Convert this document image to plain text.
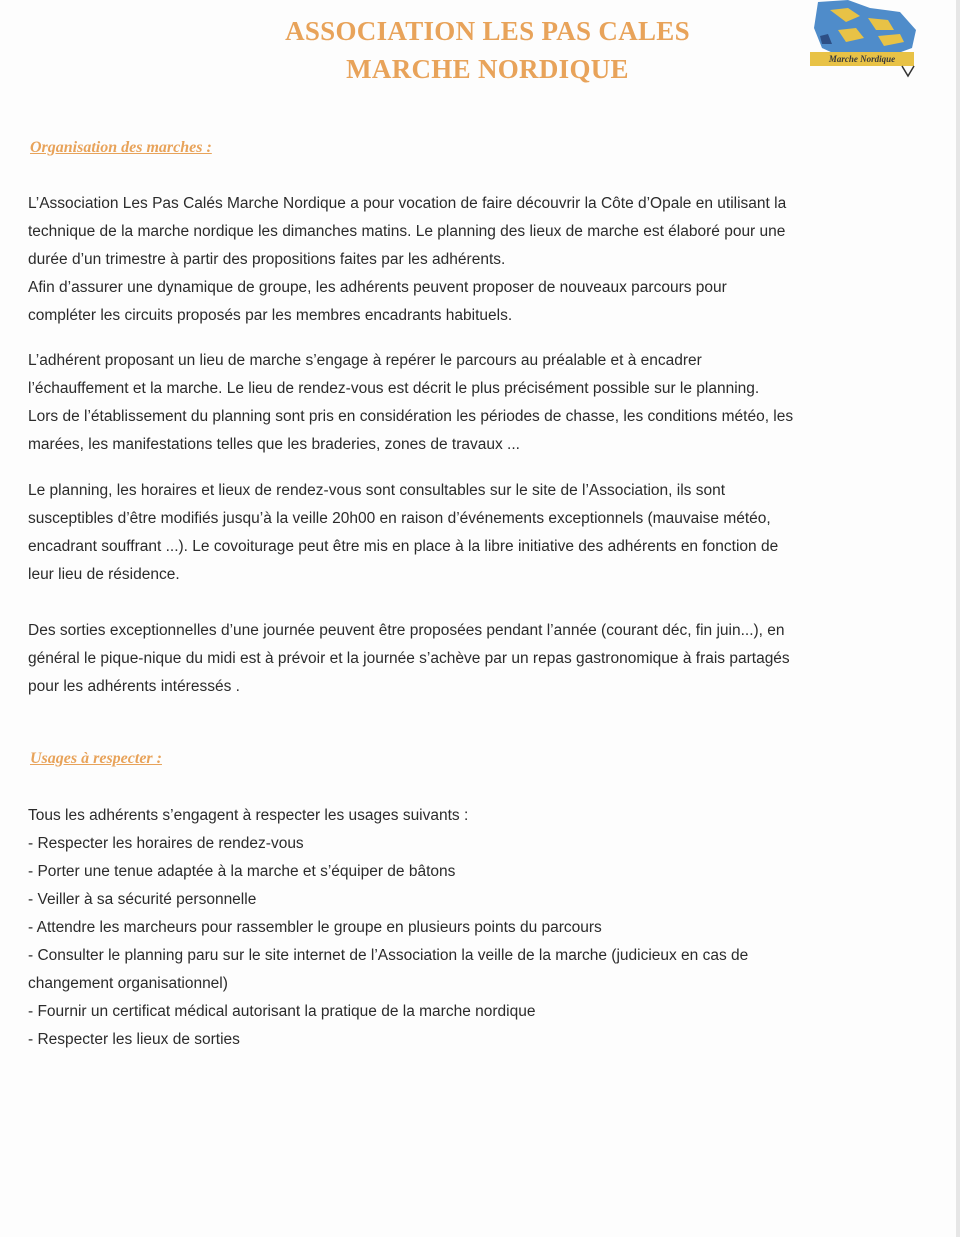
ASSOCIATION LES PAS CALES
MARCHE NORDIQUE	Marche Nordique
Organisation des marches :

L’Association Les Pas Calés Marche Nordique a pour vocation de faire découvrir la Côte d’Opale en utilisant la
technique de la marche nordique les dimanches matins. Le planning des lieux de marche est élaboré pour une
durée d’un trimestre à partir des propositions faites par les adhérents.
Afin d’assurer une dynamique de groupe, les adhérents peuvent proposer de nouveaux parcours pour
compléter les circuits proposés par les membres encadrants habituels.

L’adhérent proposant un lieu de marche s’engage à repérer le parcours au préalable et à encadrer
l’échauffement et la marche. Le lieu de rendez-vous est décrit le plus précisément possible sur le planning.
Lors de l’établissement du planning sont pris en considération les périodes de chasse, les conditions météo, les
marées, les manifestations telles que les braderies, zones de travaux ...

Le planning, les horaires et lieux de rendez-vous sont consultables sur le site de l’Association, ils sont
susceptibles d’être modifiés jusqu’à la veille 20h00 en raison d’événements exceptionnels (mauvaise météo,
encadrant souffrant ...). Le covoiturage peut être mis en place à la libre initiative des adhérents en fonction de
leur lieu de résidence.

Des sorties exceptionnelles d’une journée peuvent être proposées pendant l’année (courant déc, fin juin...), en
général le pique-nique du midi est à prévoir et la journée s’achève par un repas gastronomique à frais partagés
pour les adhérents intéressés .

Usages à respecter :

Tous les adhérents s’engagent à respecter les usages suivants :

- Respecter les horaires de rendez-vous
- Porter une tenue adaptée à la marche et s’équiper de bâtons
- Veiller à sa sécurité personnelle
- Attendre les marcheurs pour rassembler le groupe en plusieurs points du parcours
- Consulter le planning paru sur le site internet de l’Association la veille de la marche (judicieux en cas de
changement organisationnel)
- Fournir un certificat médical autorisant la pratique de la marche nordique
- Respecter les lieux de sorties
